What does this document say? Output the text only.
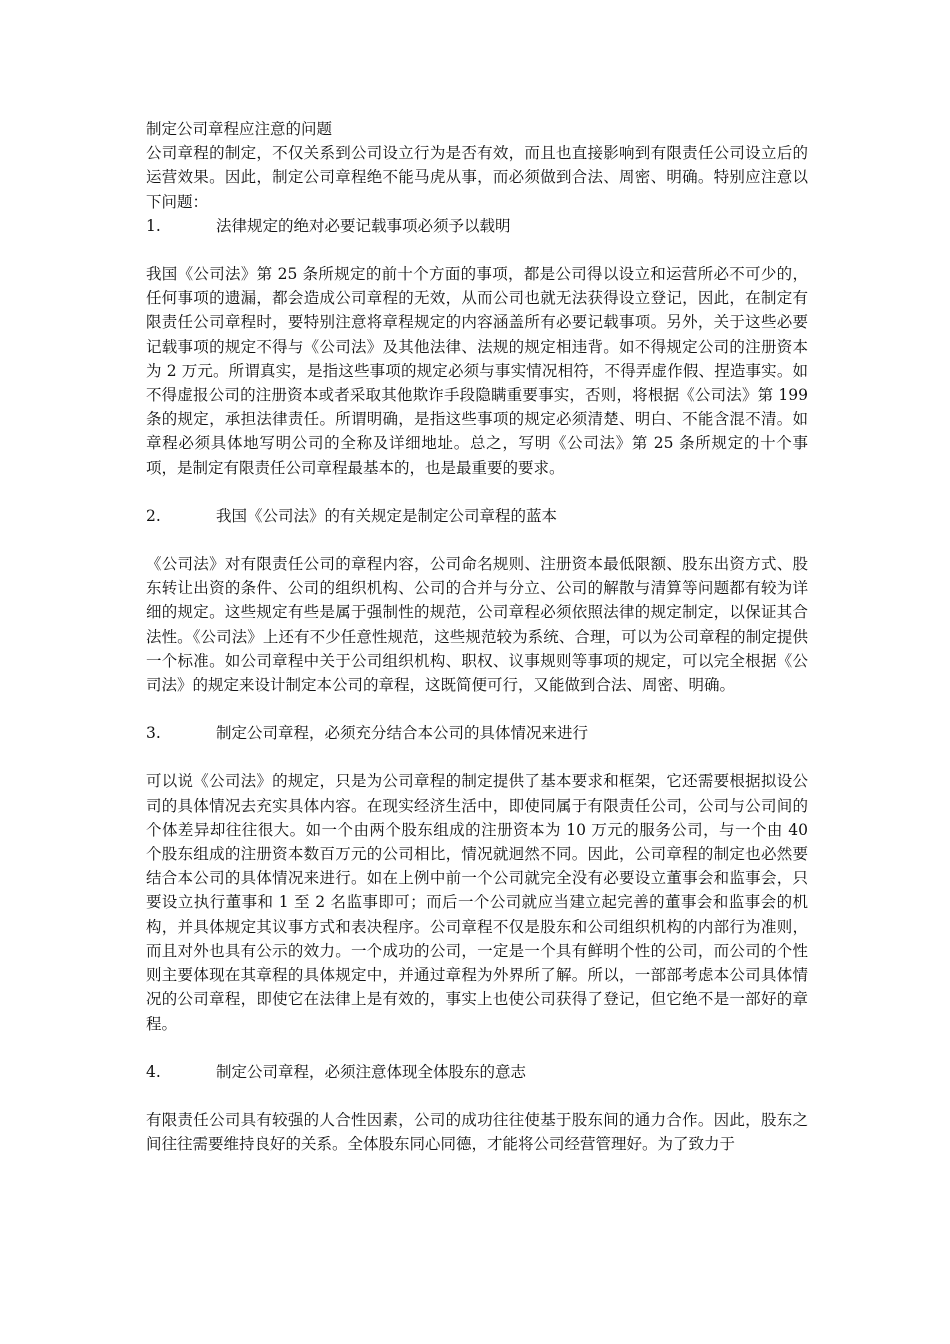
制定公司章程应注意的问题

公司章程的制定，不仅关系到公司设立行为是否有效，而且也直接影响到有限责任公司设立后的运营效果。因此，制定公司章程绝不能马虎从事，而必须做到合法、周密、明确。特别应注意以下问题：

1.	法律规定的绝对必要记载事项必须予以载明

我国《公司法》第 25 条所规定的前十个方面的事项，都是公司得以设立和运营所必不可少的，任何事项的遗漏，都会造成公司章程的无效，从而公司也就无法获得设立登记，因此，在制定有限责任公司章程时，要特别注意将章程规定的内容涵盖所有必要记载事项。另外，关于这些必要记载事项的规定不得与《公司法》及其他法律、法规的规定相违背。如不得规定公司的注册资本为 2 万元。所谓真实，是指这些事项的规定必须与事实情况相符，不得弄虚作假、捏造事实。如不得虚报公司的注册资本或者采取其他欺诈手段隐瞒重要事实，否则，将根据《公司法》第 199 条的规定，承担法律责任。所谓明确，是指这些事项的规定必须清楚、明白、不能含混不清。如章程必须具体地写明公司的全称及详细地址。总之，写明《公司法》第 25 条所规定的十个事项，是制定有限责任公司章程最基本的，也是最重要的要求。

2.	我国《公司法》的有关规定是制定公司章程的蓝本

《公司法》对有限责任公司的章程内容，公司命名规则、注册资本最低限额、股东出资方式、股东转让出资的条件、公司的组织机构、公司的合并与分立、公司的解散与清算等问题都有较为详细的规定。这些规定有些是属于强制性的规范，公司章程必须依照法律的规定制定，以保证其合法性。《公司法》上还有不少任意性规范，这些规范较为系统、合理，可以为公司章程的制定提供一个标准。如公司章程中关于公司组织机构、职权、议事规则等事项的规定，可以完全根据《公司法》的规定来设计制定本公司的章程，这既简便可行，又能做到合法、周密、明确。

3.	制定公司章程，必须充分结合本公司的具体情况来进行

可以说《公司法》的规定，只是为公司章程的制定提供了基本要求和框架，它还需要根据拟设公司的具体情况去充实具体内容。在现实经济生活中，即使同属于有限责任公司，公司与公司间的个体差异却往往很大。如一个由两个股东组成的注册资本为 10 万元的服务公司，与一个由 40 个股东组成的注册资本数百万元的公司相比，情况就迥然不同。因此，公司章程的制定也必然要结合本公司的具体情况来进行。如在上例中前一个公司就完全没有必要设立董事会和监事会，只要设立执行董事和 1 至 2 名监事即可；而后一个公司就应当建立起完善的董事会和监事会的机构，并具体规定其议事方式和表决程序。公司章程不仅是股东和公司组织机构的内部行为准则，而且对外也具有公示的效力。一个成功的公司，一定是一个具有鲜明个性的公司，而公司的个性则主要体现在其章程的具体规定中，并通过章程为外界所了解。所以，一部部考虑本公司具体情况的公司章程，即使它在法律上是有效的，事实上也使公司获得了登记，但它绝不是一部好的章程。

4.	制定公司章程，必须注意体现全体股东的意志

有限责任公司具有较强的人合性因素，公司的成功往往使基于股东间的通力合作。因此，股东之间往往需要维持良好的关系。全体股东同心同德，才能将公司经营管理好。为了致力于
